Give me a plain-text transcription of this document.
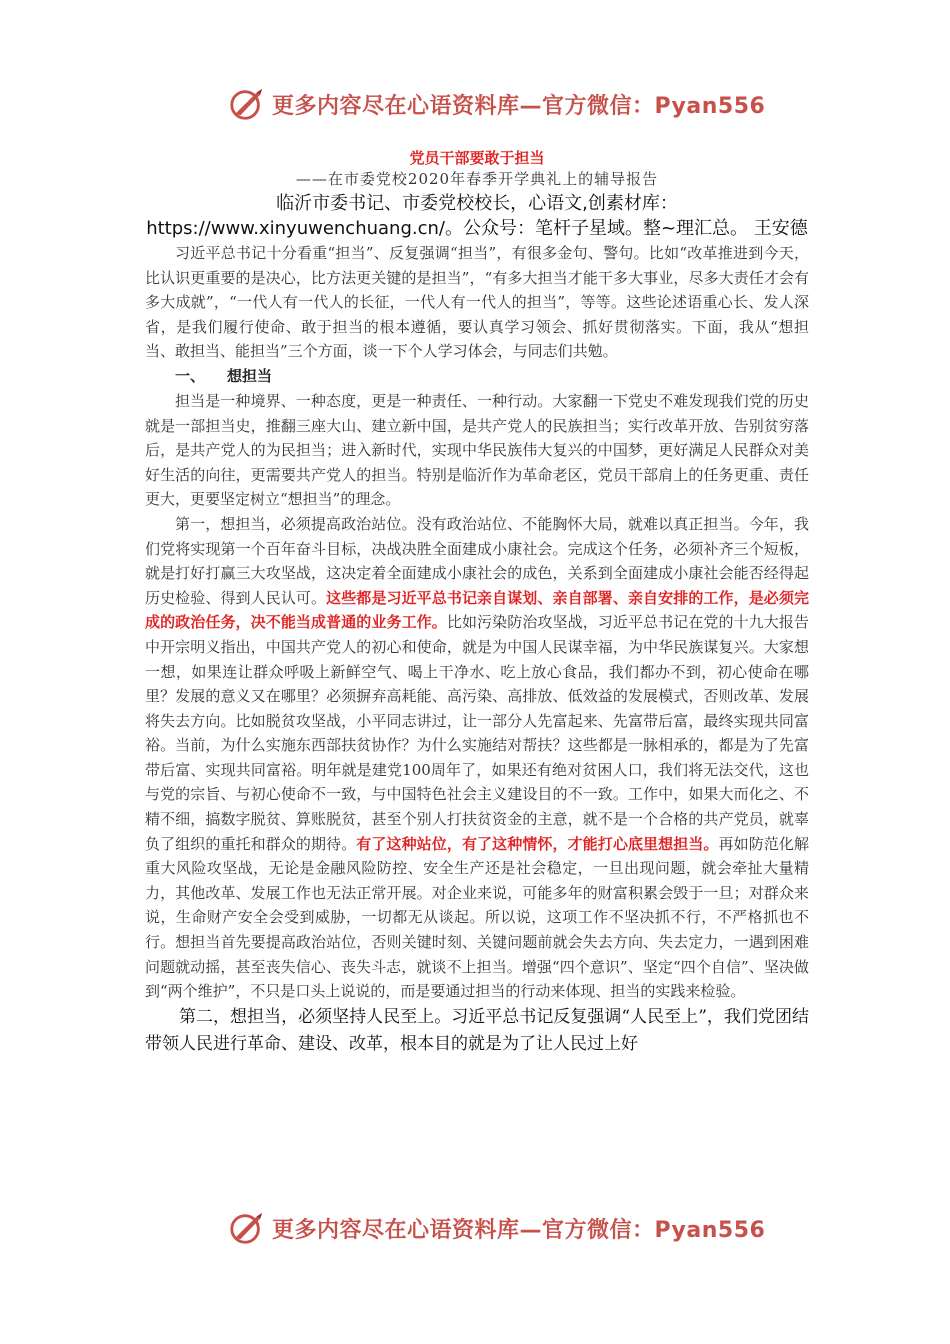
更多内容尽在心语资料库—官方微信：Pyan556

党员干部要敢于担当

——在市委党校2020年春季开学典礼上的辅导报告

临沂市委书记、市委党校校长，心语文,创素材库：https://www.xinyuwenchuang.cn/。公众号：笔杆子星域。整~理汇总。 王安德

习近平总书记十分看重“担当”、反复强调“担当”，有很多金句、警句。比如“改革推进到今天，比认识更重要的是决心，比方法更关键的是担当”，“有多大担当才能干多大事业，尽多大责任才会有多大成就”，“一代人有一代人的长征，一代人有一代人的担当”，等等。这些论述语重心长、发人深省，是我们履行使命、敢于担当的根本遵循，要认真学习领会、抓好贯彻落实。下面，我从“想担当、敢担当、能担当”三个方面，谈一下个人学习体会，与同志们共勉。

一、 想担当

担当是一种境界、一种态度，更是一种责任、一种行动。大家翻一下党史不难发现我们党的历史就是一部担当史，推翻三座大山、建立新中国，是共产党人的民族担当；实行改革开放、告别贫穷落后，是共产党人的为民担当；进入新时代，实现中华民族伟大复兴的中国梦，更好满足人民群众对美好生活的向往，更需要共产党人的担当。特别是临沂作为革命老区，党员干部肩上的任务更重、责任更大，更要坚定树立“想担当”的理念。

第一，想担当，必须提高政治站位。没有政治站位、不能胸怀大局，就难以真正担当。今年，我们党将实现第一个百年奋斗目标，决战决胜全面建成小康社会。完成这个任务，必须补齐三个短板，就是打好打赢三大攻坚战，这决定着全面建成小康社会的成色，关系到全面建成小康社会能否经得起历史检验、得到人民认可。这些都是习近平总书记亲自谋划、亲自部署、亲自安排的工作，是必须完成的政治任务，决不能当成普通的业务工作。比如污染防治攻坚战，习近平总书记在党的十九大报告中开宗明义指出，中国共产党人的初心和使命，就是为中国人民谋幸福，为中华民族谋复兴。大家想一想，如果连让群众呼吸上新鲜空气、喝上干净水、吃上放心食品，我们都办不到，初心使命在哪里？发展的意义又在哪里？必须摒弃高耗能、高污染、高排放、低效益的发展模式，否则改革、发展将失去方向。比如脱贫攻坚战，小平同志讲过，让一部分人先富起来、先富带后富，最终实现共同富裕。当前，为什么实施东西部扶贫协作？为什么实施结对帮扶？这些都是一脉相承的，都是为了先富带后富、实现共同富裕。明年就是建党100周年了，如果还有绝对贫困人口，我们将无法交代，这也与党的宗旨、与初心使命不一致，与中国特色社会主义建设目的不一致。工作中，如果大而化之、不精不细，搞数字脱贫、算账脱贫，甚至个别人打扶贫资金的主意，就不是一个合格的共产党员，就辜负了组织的重托和群众的期待。有了这种站位，有了这种情怀，才能打心底里想担当。再如防范化解重大风险攻坚战，无论是金融风险防控、安全生产还是社会稳定，一旦出现问题，就会牵扯大量精力，其他改革、发展工作也无法正常开展。对企业来说，可能多年的财富积累会毁于一旦；对群众来说，生命财产安全会受到威胁，一切都无从谈起。所以说，这项工作不坚决抓不行，不严格抓也不行。想担当首先要提高政治站位，否则关键时刻、关键问题前就会失去方向、失去定力，一遇到困难问题就动摇，甚至丧失信心、丧失斗志，就谈不上担当。增强“四个意识”、坚定“四个自信”、坚决做到“两个维护”，不只是口头上说说的，而是要通过担当的行动来体现、担当的实践来检验。

第二，想担当，必须坚持人民至上。习近平总书记反复强调“人民至上”，我们党团结带领人民进行革命、建设、改革，根本目的就是为了让人民过上好

更多内容尽在心语资料库—官方微信：Pyan556
